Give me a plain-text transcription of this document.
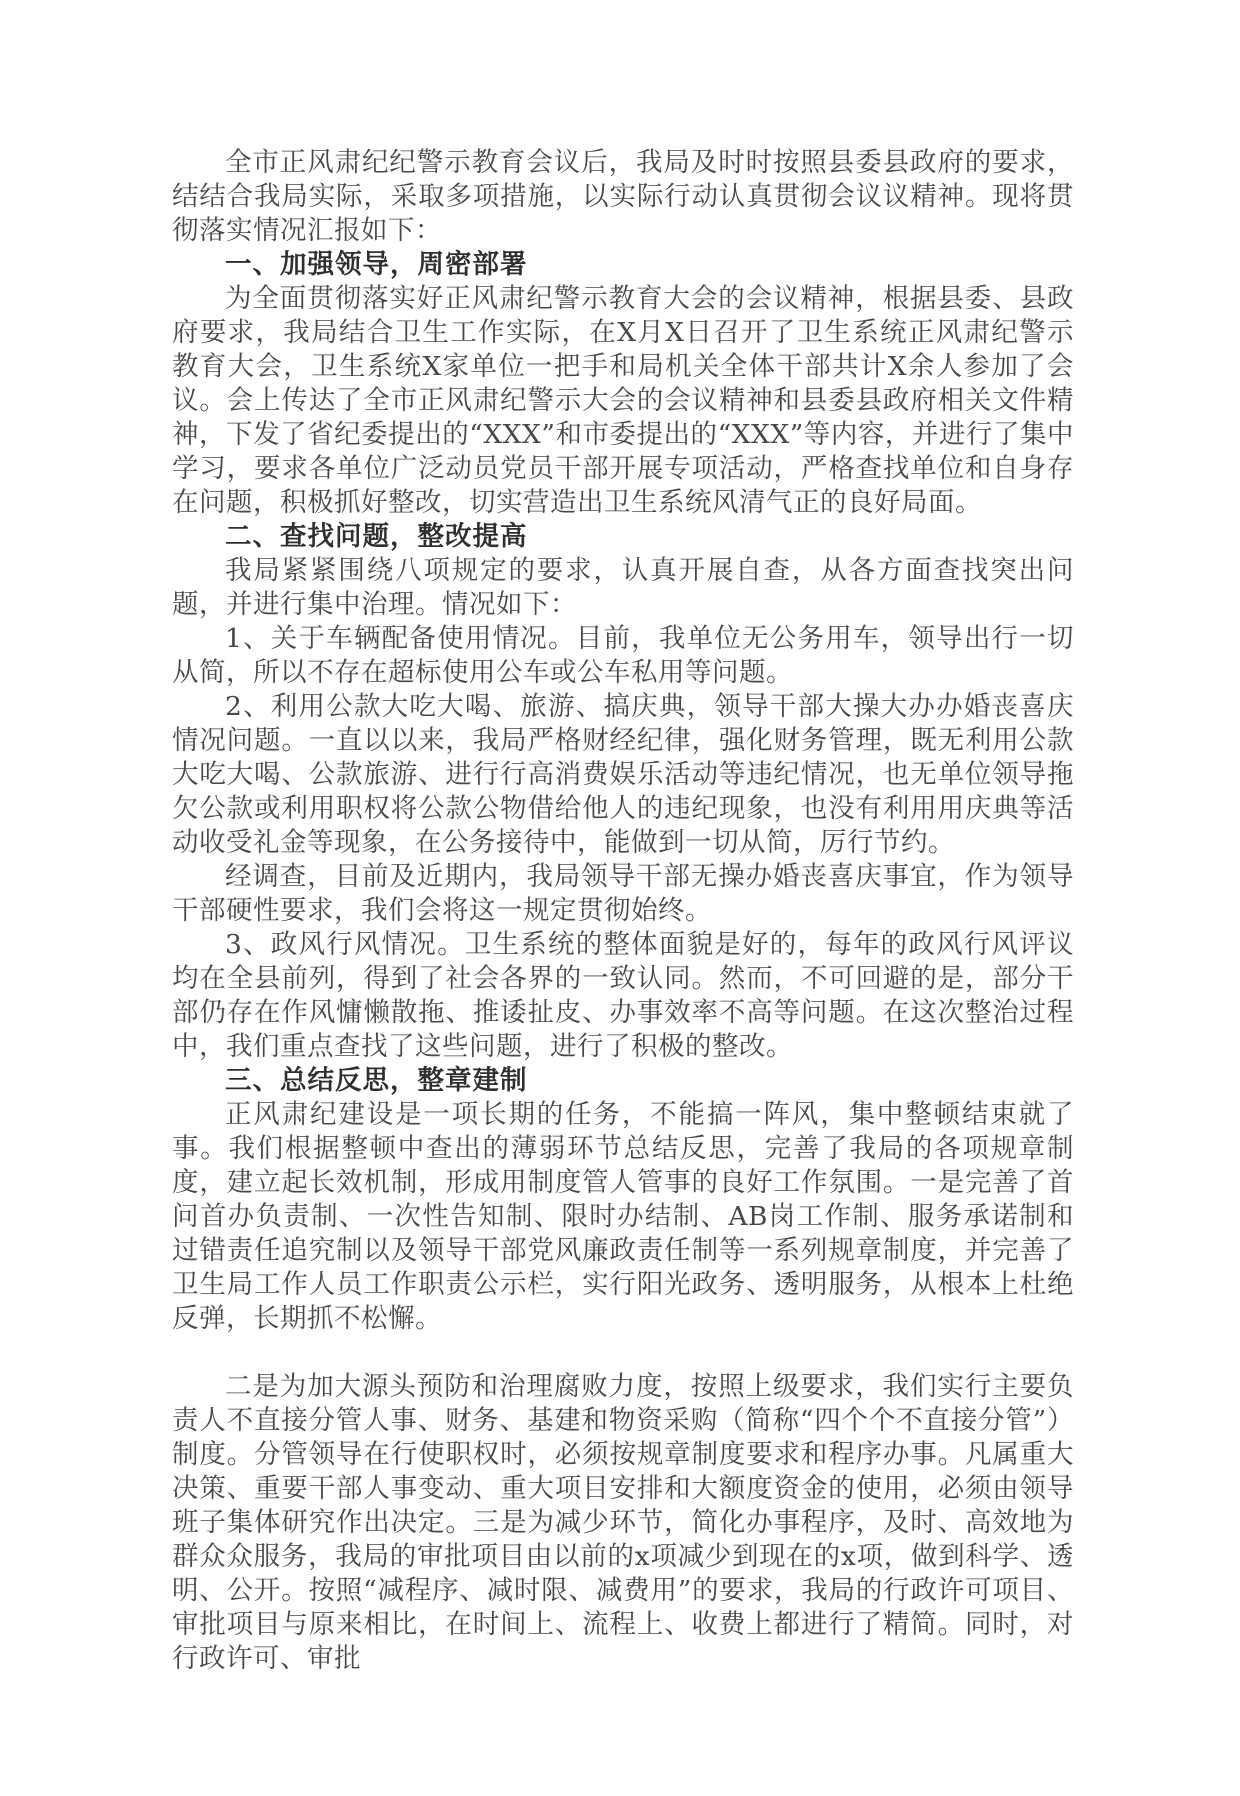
全市正风肃纪纪警示教育会议后，我局及时时按照县委县政府的要求，结结合我局实际，采取多项措施，以实际行动认真贯彻会议议精神。现将贯彻落实情况汇报如下：

一、加强领导，周密部署

为全面贯彻落实好正风肃纪警示教育大会的会议精神，根据县委、县政府要求，我局结合卫生工作实际，在X月X日召开了卫生系统正风肃纪警示教育大会，卫生系统X家单位一把手和局机关全体干部共计X余人参加了会议。会上传达了全市正风肃纪警示大会的会议精神和县委县政府相关文件精神，下发了省纪委提出的“XXX”和市委提出的“XXX”等内容，并进行了集中学习，要求各单位广泛动员党员干部开展专项活动，严格查找单位和自身存在问题，积极抓好整改，切实营造出卫生系统风清气正的良好局面。

二、查找问题，整改提高

我局紧紧围绕八项规定的要求，认真开展自查，从各方面查找突出问题，并进行集中治理。情况如下：

1、关于车辆配备使用情况。目前，我单位无公务用车，领导出行一切从简，所以不存在超标使用公车或公车私用等问题。

2、利用公款大吃大喝、旅游、搞庆典，领导干部大操大办办婚丧喜庆情况问题。一直以以来，我局严格财经纪律，强化财务管理，既无利用公款大吃大喝、公款旅游、进行行高消费娱乐活动等违纪情况，也无单位领导拖欠公款或利用职权将公款公物借给他人的违纪现象，也没有利用用庆典等活动收受礼金等现象，在公务接待中，能做到一切从简，厉行节约。

经调查，目前及近期内，我局领导干部无操办婚丧喜庆事宜，作为领导干部硬性要求，我们会将这一规定贯彻始终。

3、政风行风情况。卫生系统的整体面貌是好的，每年的政风行风评议均在全县前列，得到了社会各界的一致认同。然而，不可回避的是，部分干部仍存在作风慵懒散拖、推诿扯皮、办事效率不高等问题。在这次整治过程中，我们重点查找了这些问题，进行了积极的整改。

三、总结反思，整章建制

正风肃纪建设是一项长期的任务，不能搞一阵风，集中整顿结束就了事。我们根据整顿中查出的薄弱环节总结反思，完善了我局的各项规章制度，建立起长效机制，形成用制度管人管事的良好工作氛围。一是完善了首问首办负责制、一次性告知制、限时办结制、AB岗工作制、服务承诺制和过错责任追究制以及领导干部党风廉政责任制等一系列规章制度，并完善了卫生局工作人员工作职责公示栏，实行阳光政务、透明服务，从根本上杜绝反弹，长期抓不松懈。

二是为加大源头预防和治理腐败力度，按照上级要求，我们实行主要负责人不直接分管人事、财务、基建和物资采购（简称“四个个不直接分管”）制度。分管领导在行使职权时，必须按规章制度要求和程序办事。凡属重大决策、重要干部人事变动、重大项目安排和大额度资金的使用，必须由领导班子集体研究作出决定。三是为减少环节，简化办事程序，及时、高效地为群众众服务，我局的审批项目由以前的x项减少到现在的x项，做到科学、透明、公开。按照“减程序、减时限、减费用”的要求，我局的行政许可项目、审批项目与原来相比，在时间上、流程上、收费上都进行了精简。同时，对行政许可、审批
